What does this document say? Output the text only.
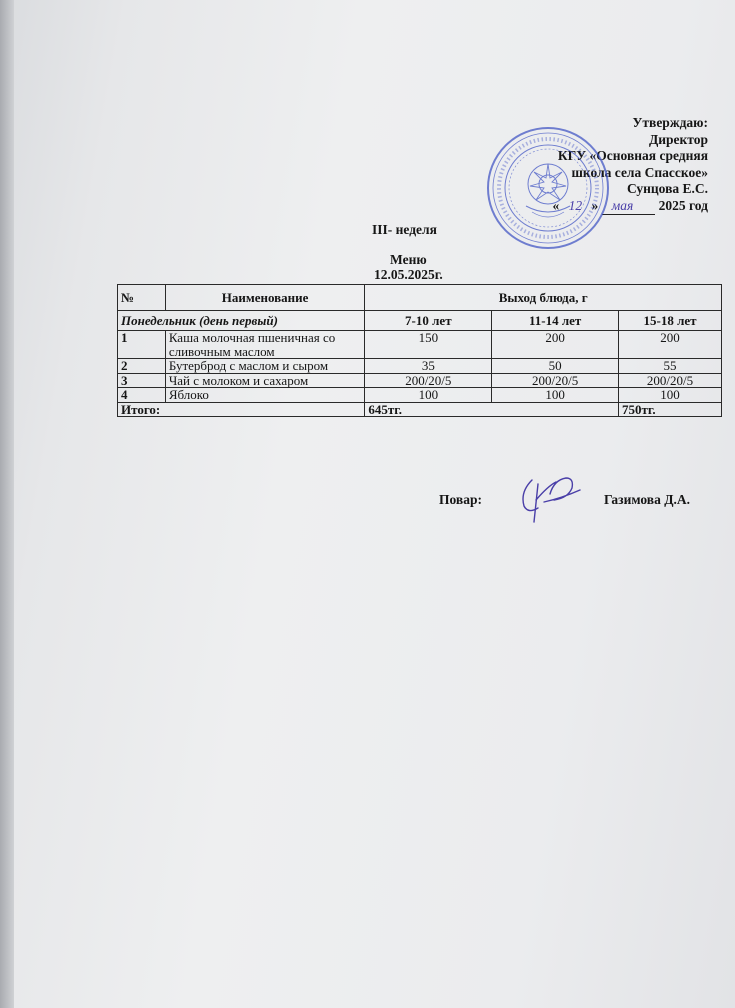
Утверждаю:
Директор
КГУ «Основная средняя
школа села Спасское»
Сунцова Е.С.
« 12 » мая 2025 год
III- неделя
Меню
12.05.2025г.
№	Наименование	Выход блюда, г		
Понедельник (день первый)		7-10 лет	11-14 лет	15-18 лет
1	Каша молочная пшеничная со сливочным маслом	150	200	200
2	Бутерброд с маслом и сыром	35	50	55
3	Чай с молоком и сахаром	200/20/5	200/20/5	200/20/5
4	Яблоко	100	100	100
Итого:		645тг.		750тг.
Повар:	Газимова Д.А.
